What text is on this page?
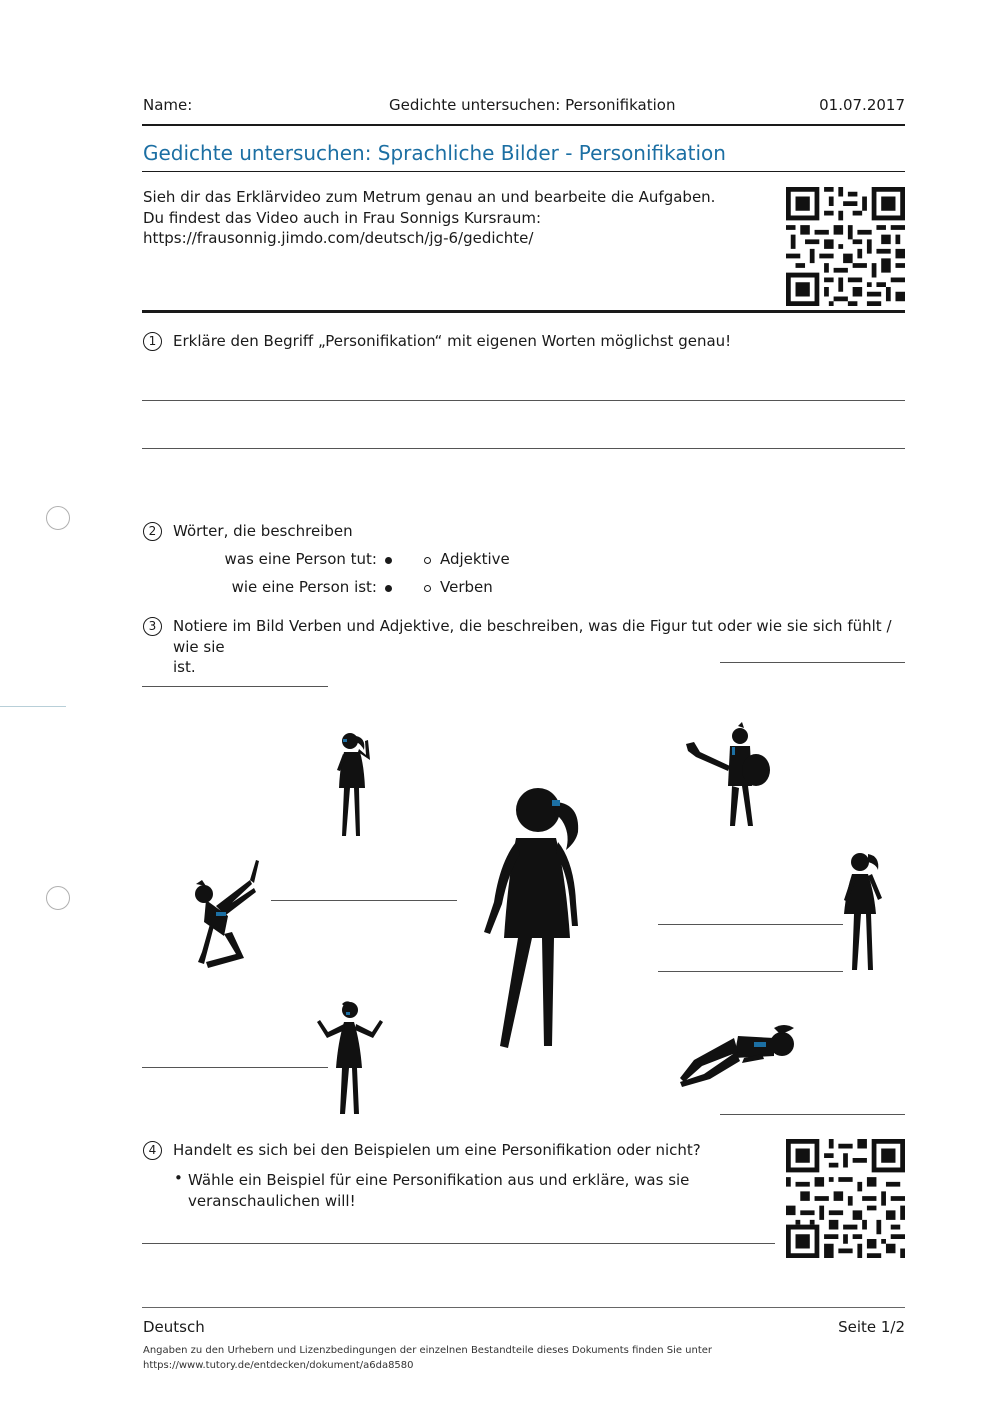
Name:	Gedichte untersuchen: Personifikation	01.07.2017
Gedichte untersuchen: Sprachliche Bilder - Personifikation
Sieh dir das Erklärvideo zum Metrum genau an und bearbeite die Aufgaben.
Du findest das Video auch in Frau Sonnigs Kursraum:
https://frausonnig.jimdo.com/deutsch/jg-6/gedichte/
1	Erkläre den Begriff „Personifikation“ mit eigenen Worten möglichst genau!
2	Wörter, die beschreiben
was eine Person tut:	Adjektive
wie eine Person ist:	Verben
3	Notiere im Bild Verben und Adjektive, die beschreiben, was die Figur tut oder wie sie sich fühlt / wie sie
ist.
4	Handelt es sich bei den Beispielen um eine Personifikation oder nicht?
• Wähle ein Beispiel für eine Personifikation aus und erkläre, was sie
veranschaulichen will!
Deutsch	Seite 1/2
Angaben zu den Urhebern und Lizenzbedingungen der einzelnen Bestandteile dieses Dokuments finden Sie unter
https://www.tutory.de/entdecken/dokument/a6da8580
